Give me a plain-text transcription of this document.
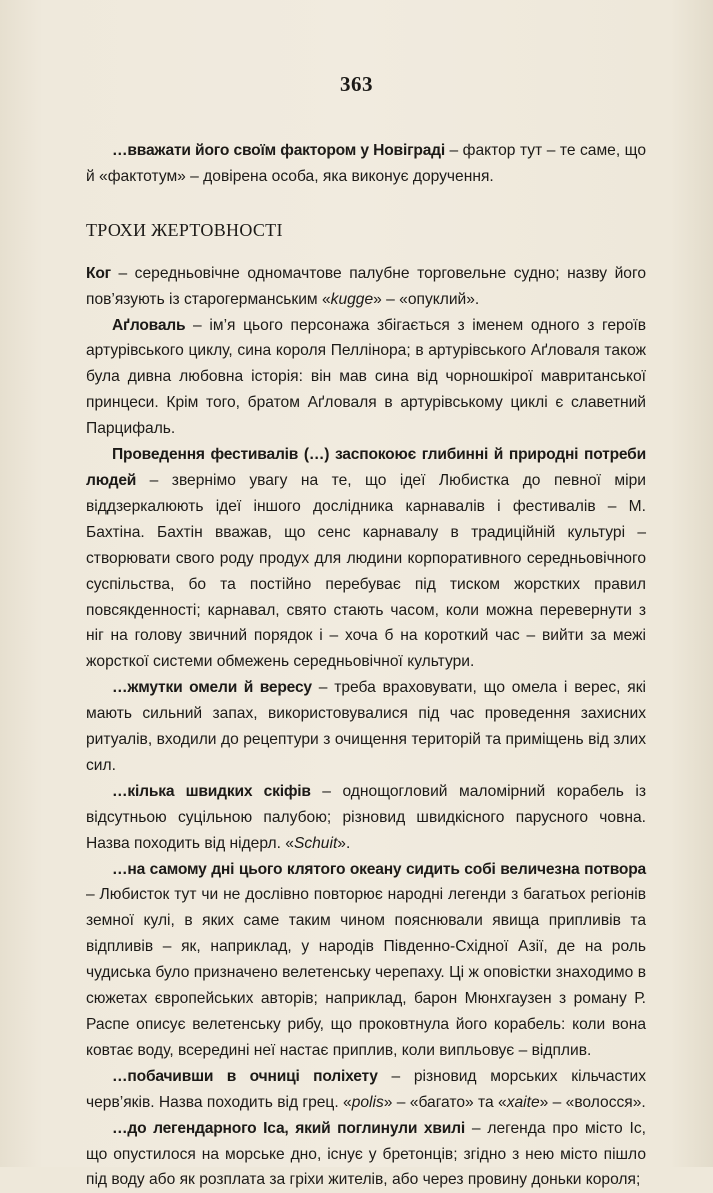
363

…вважати його своїм фактором у Новіграді – фактор тут – те саме, що й «фактотум» – довірена особа, яка виконує доручення.

ТРОХИ ЖЕРТОВНОСТІ

Ког – середньовічне одномачтове палубне торговельне судно; назву його пов’язують із старогерманським «kugge» – «опуклий».

Аґловаль – ім’я цього персонажа збігається з іменем одного з героїв артурівського циклу, сина короля Пеллінора; в артурівського Аґловаля також була дивна любовна історія: він мав сина від чорношкірої мавританської принцеси. Крім того, братом Аґловаля в артурівському циклі є славетний Парцифаль.

Проведення фестивалів (…) заспокоює глибинні й природні потреби людей – звернімо увагу на те, що ідеї Любистка до певної міри віддзеркалюють ідеї іншого дослідника карнавалів і фестивалів – М. Бахтіна. Бахтін вважав, що сенс карнавалу в традиційній культурі – створювати свого роду продух для людини корпоративного середньовічного суспільства, бо та постійно перебуває під тиском жорстких правил повсякденності; карнавал, свято стають часом, коли можна перевернути з ніг на голову звичний порядок і – хоча б на короткий час – вийти за межі жорсткої системи обмежень середньовічної культури.

…жмутки омели й вересу – треба враховувати, що омела і верес, які мають сильний запах, використовувалися під час проведення захисних ритуалів, входили до рецептури з очищення територій та приміщень від злих сил.

…кілька швидких скіфів – однощогловий маломірний корабель із відсутньою суцільною палубою; різновид швидкісного парусного човна. Назва походить від нідерл. «Schuit».

…на самому дні цього клятого океану сидить собі величезна потвора – Любисток тут чи не дослівно повторює народні легенди з багатьох регіонів земної кулі, в яких саме таким чином пояснювали явища припливів та відпливів – як, наприклад, у народів Південно-Східної Азії, де на роль чудиська було призначено велетенську черепаху. Ці ж оповістки знаходимо в сюжетах європейських авторів; наприклад, барон Мюнхгаузен з роману Р. Распе описує велетенську рибу, що проковтнула його корабель: коли вона ковтає воду, всередині неї настає приплив, коли випльовує – відплив.

…побачивши в очниці поліхету – різновид морських кільчастих черв’яків. Назва походить від грец. «polis» – «багато» та «xaite» – «волосся».

…до легендарного Іса, який поглинули хвилі – легенда про місто Іс, що опустилося на морське дно, існує у бретонців; згідно з нею місто пішло під воду або як розплата за гріхи жителів, або через провину доньки короля;
